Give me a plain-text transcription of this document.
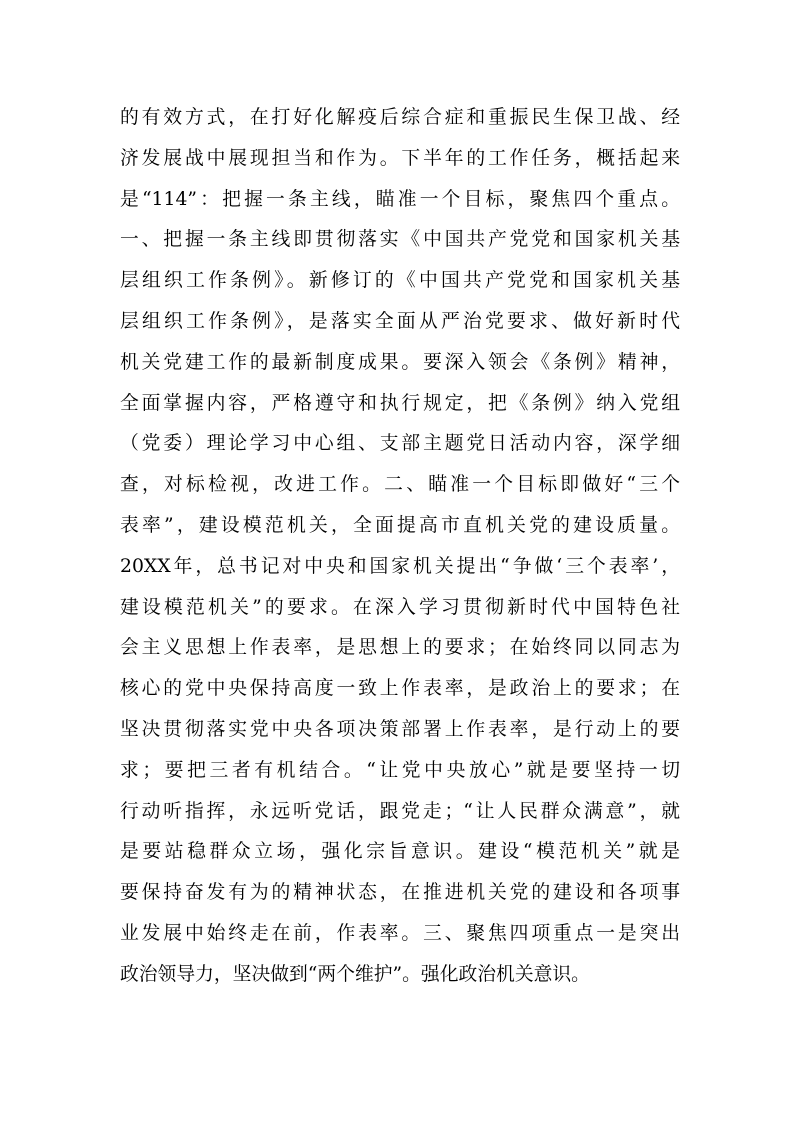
的有效方式，在打好化解疫后综合症和重振民生保卫战、经
济发展战中展现担当和作为。下半年的工作任务，概括起来
是“114”：把握一条主线，瞄准一个目标，聚焦四个重点。
一、把握一条主线即贯彻落实《中国共产党党和国家机关基
层组织工作条例》。新修订的《中国共产党党和国家机关基
层组织工作条例》，是落实全面从严治党要求、做好新时代
机关党建工作的最新制度成果。要深入领会《条例》精神，
全面掌握内容，严格遵守和执行规定，把《条例》纳入党组
（党委）理论学习中心组、支部主题党日活动内容，深学细
查，对标检视，改进工作。二、瞄准一个目标即做好“三个
表率”，建设模范机关，全面提高市直机关党的建设质量。
20XX年，总书记对中央和国家机关提出“争做‘三个表率’，
建设模范机关”的要求。在深入学习贯彻新时代中国特色社
会主义思想上作表率，是思想上的要求；在始终同以同志为
核心的党中央保持高度一致上作表率，是政治上的要求；在
坚决贯彻落实党中央各项决策部署上作表率，是行动上的要
求；要把三者有机结合。“让党中央放心”就是要坚持一切
行动听指挥，永远听党话，跟党走；“让人民群众满意”，就
是要站稳群众立场，强化宗旨意识。建设“模范机关”就是
要保持奋发有为的精神状态，在推进机关党的建设和各项事
业发展中始终走在前，作表率。三、聚焦四项重点一是突出
政治领导力，坚决做到“两个维护”。强化政治机关意识。
